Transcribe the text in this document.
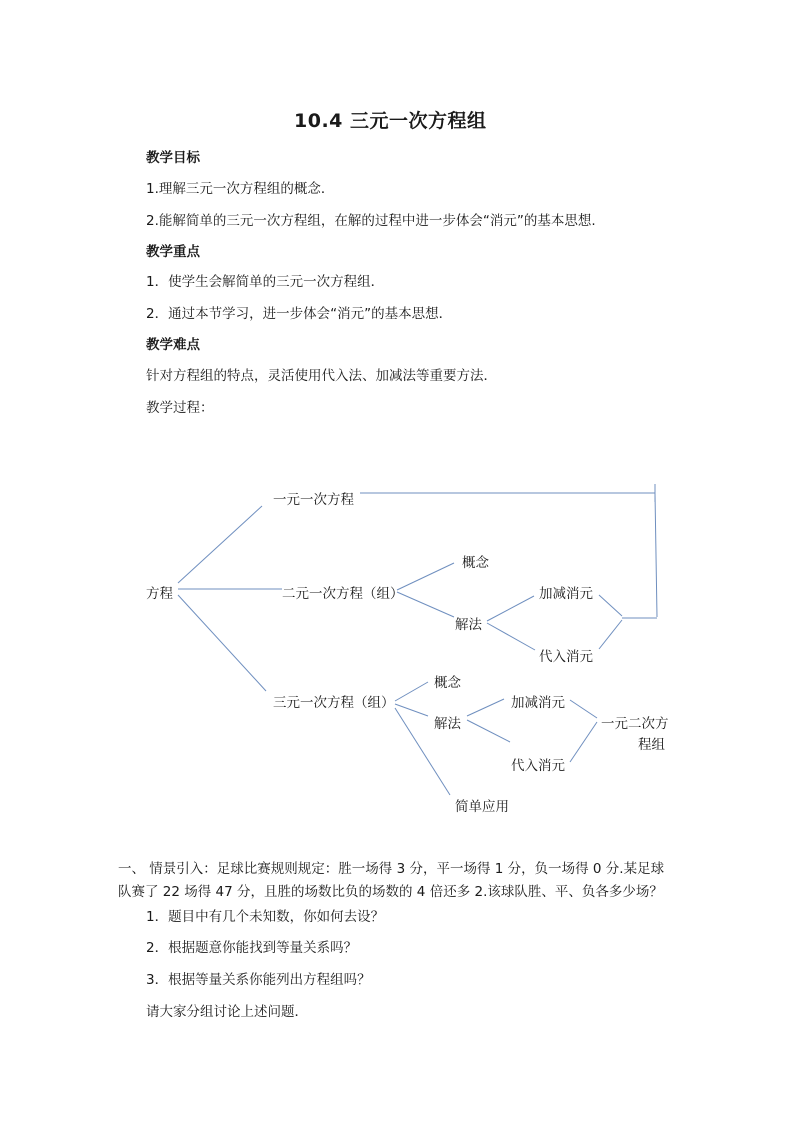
10.4 三元一次方程组
教学目标
1.理解三元一次方程组的概念．
2.能解简单的三元一次方程组，在解的过程中进一步体会“消元”的基本思想.
教学重点
1．使学生会解简单的三元一次方程组．
2．通过本节学习，进一步体会“消元”的基本思想．
教学难点
针对方程组的特点，灵活使用代入法、加减法等重要方法．
教学过程：
方程
一元一次方程
二元一次方程（组）
概念
解法
加减消元
代入消元
三元一次方程（组）
概念
解法
加减消元
代入消元
一元二次方
程组
简单应用
一、 情景引入：足球比赛规则规定：胜一场得 3 分，平一场得 1 分，负一场得 0 分.某足球
队赛了 22 场得 47 分，且胜的场数比负的场数的 4 倍还多 2.该球队胜、平、负各多少场？
1．题目中有几个未知数，你如何去设？
2．根据题意你能找到等量关系吗？
3．根据等量关系你能列出方程组吗？
请大家分组讨论上述问题．
